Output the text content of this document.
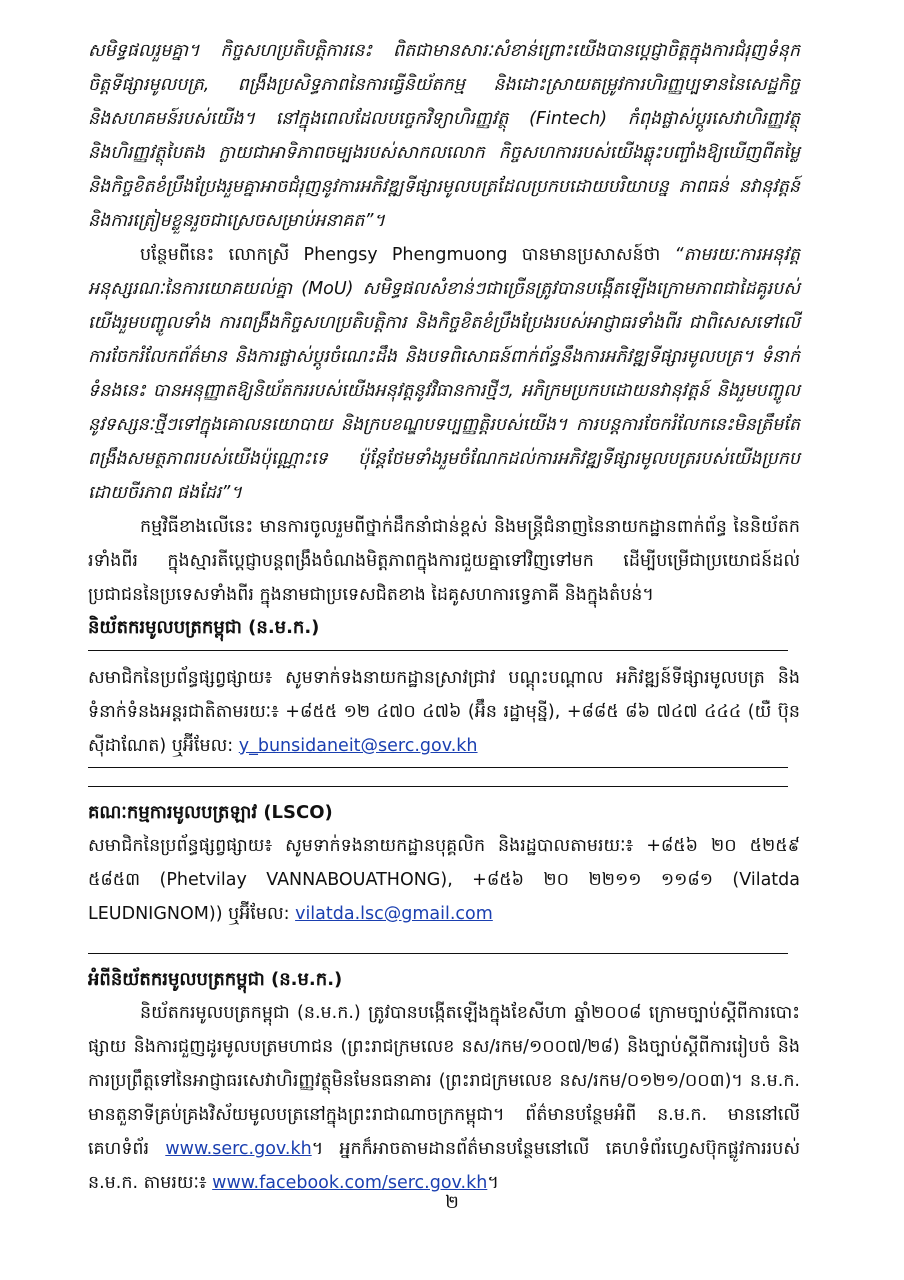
សមិទ្ធផលរួមគ្នា។ កិច្ចសហប្រតិបត្តិការនេះ ពិតជាមានសារៈសំខាន់ព្រោះយើងបានប្តេជ្ញាចិត្តក្នុងការជំរុញទំនុកចិត្តទីផ្សារមូលបត្រ, ពង្រឹងប្រសិទ្ធភាពនៃការធ្វើនិយ័តកម្ម និងដោះស្រាយតម្រូវការហិរញ្ញប្បទាននៃសេដ្ឋកិច្ច និងសហគមន៍របស់យើង។ នៅក្នុងពេលដែលបច្ចេកវិទ្យាហិរញ្ញវត្ថុ (Fintech) កំពុងផ្លាស់ប្តូរសេវាហិរញ្ញវត្ថុ និងហិរញ្ញវត្ថុបៃតង ក្លាយជាអាទិភាពចម្បងរបស់សាកលលោក កិច្ចសហការរបស់យើងឆ្លុះបញ្ចាំងឱ្យឃើញពីតម្លៃនិងកិច្ចខិតខំប្រឹងប្រែងរួមគ្នាអាចជំរុញនូវការអភិវឌ្ឍទីផ្សារមូលបត្រដែលប្រកបដោយបរិយាបន្ន ភាពធន់ នវានុវត្តន៍ និងការត្រៀមខ្លួនរួចជាស្រេចសម្រាប់អនាគត”។

បន្ថែមពីនេះ លោកស្រី Phengsy Phengmuong បានមានប្រសាសន៍ថា “តាមរយៈការអនុវត្តអនុស្សរណៈនៃការយោគយល់គ្នា (MoU) សមិទ្ធផលសំខាន់ៗជាច្រើនត្រូវបានបង្កើតឡើងក្រោមភាពជាដៃគូរបស់យើងរួមបញ្ចូលទាំង ការពង្រឹងកិច្ចសហប្រតិបត្តិការ និងកិច្ចខិតខំប្រឹងប្រែងរបស់អាជ្ញាធរទាំងពីរ ជាពិសេសទៅលើការចែករំលែកព័ត៌មាន និងការផ្លាស់ប្តូរចំណេះដឹង និងបទពិសោធន៍ពាក់ព័ន្ធនឹងការអភិវឌ្ឍទីផ្សារមូលបត្រ។ ទំនាក់ទំនងនេះ បានអនុញ្ញាតឱ្យនិយ័តកររបស់យើងអនុវត្តនូវវិធានការថ្មីៗ, អភិក្រមប្រកបដោយនវានុវត្តន៍ និងរួមបញ្ចូលនូវទស្សនៈថ្មីៗទៅក្នុងគោលនយោបាយ និងក្របខណ្ឌបទប្បញ្ញត្តិរបស់យើង។ ការបន្តការចែករំលែកនេះមិនត្រឹមតែពង្រឹងសមត្ថភាពរបស់យើងប៉ុណ្ណោះទេ ប៉ុន្តែថែមទាំងរួមចំណែកដល់ការអភិវឌ្ឍទីផ្សារមូលបត្ររបស់យើងប្រកបដោយចីរភាព ផងដែរ”។

កម្មវិធីខាងលើនេះ មានការចូលរួមពីថ្នាក់ដឹកនាំជាន់ខ្ពស់ និងមន្ត្រីជំនាញនៃនាយកដ្ឋានពាក់ព័ន្ធ នៃនិយ័តករទាំងពីរ ក្នុងស្មារតីប្តេជ្ញាបន្តពង្រឹងចំណងមិត្តភាពក្នុងការជួយគ្នាទៅវិញទៅមក ដើម្បីបម្រើជាប្រយោជន៍ដល់ប្រជាជននៃប្រទេសទាំងពីរ ក្នុងនាមជាប្រទេសជិតខាង ដៃគូសហការទ្វេភាគី និងក្នុងតំបន់។

និយ័តករមូលបត្រកម្ពុជា (ន.ម.ក.)

សមាជិកនៃប្រព័ន្ធផ្សព្វផ្សាយ៖ សូមទាក់ទងនាយកដ្ឋានស្រាវជ្រាវ បណ្តុះបណ្តាល អភិវឌ្ឍន៍ទីផ្សារមូលបត្រ និងទំនាក់ទំនងអន្តរជាតិតាមរយៈ៖ +៨៥៥ ១២ ៤៧០ ៤៧៦ (អ៊ឹន រដ្ឋាមុន្នី), +៨៨៥ ៨៦ ៧៤៧ ៤៤៤ (យឺ ប៊ុនស៊ីដាណែត) ឬអ៊ីមែល: y_bunsidaneit@serc.gov.kh

គណៈកម្មការមូលបត្រឡាវ (LSCO)

សមាជិកនៃប្រព័ន្ធផ្សព្វផ្សាយ៖ សូមទាក់ទងនាយកដ្ឋានបុគ្គលិក និងរដ្ឋបាលតាមរយៈ៖ +៨៥៦ ២០ ៥២៥៩ ៥៨៥៣ (Phetvilay VANNABOUATHONG), +៨៥៦ ២០ ២២១១ ១១៨១ (Vilatda LEUDNIGNOM)) ឬអ៊ីមែល: vilatda.lsc@gmail.com

អំពីនិយ័តករមូលបត្រកម្ពុជា (ន.ម.ក.)

និយ័តករមូលបត្រកម្ពុជា (ន.ម.ក.) ត្រូវបានបង្កើតឡើងក្នុងខែសីហា ឆ្នាំ២០០៨ ក្រោមច្បាប់ស្តីពីការបោះផ្សាយ និងការជួញដូរមូលបត្រមហាជន (ព្រះរាជក្រមលេខ នស/រកម/១០០៧/២៨) និងច្បាប់ស្តីពីការរៀបចំ និងការប្រព្រឹត្តទៅនៃអាជ្ញាធរសេវាហិរញ្ញវត្ថុមិនមែនធនាគារ (ព្រះរាជក្រមលេខ នស/រកម/០១២១/០០៣)។ ន.ម.ក. មានតួនាទីគ្រប់គ្រងវិស័យមូលបត្រនៅក្នុងព្រះរាជាណាចក្រកម្ពុជា។ ព័ត៌មានបន្ថែមអំពី ន.ម.ក. មាននៅលើគេហទំព័រ www.serc.gov.kh។ អ្នកក៏អាចតាមដានព័ត៌មានបន្ថែមនៅលើ គេហទំព័រហ្វេសប៊ុកផ្លូវការរបស់ ន.ម.ក. តាមរយៈ៖ www.facebook.com/serc.gov.kh។

២
